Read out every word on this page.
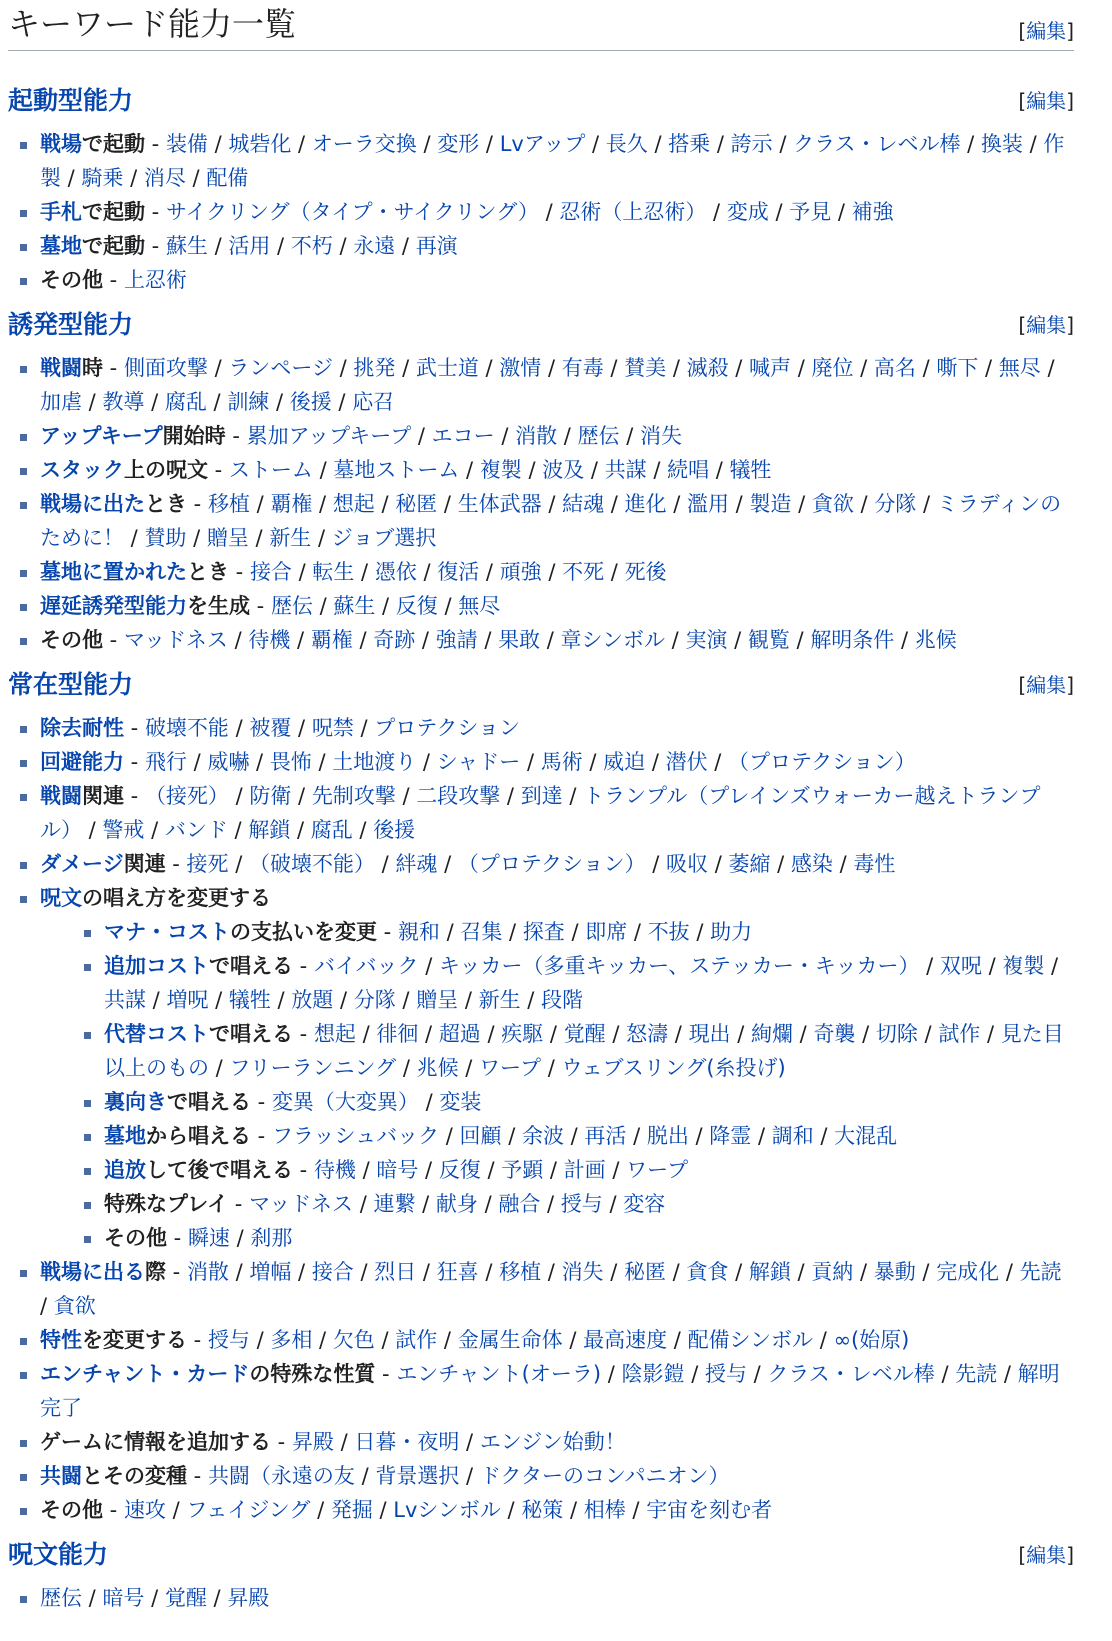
キーワード能力一覧	[編集]
起動型能力	[編集]
戦場で起動 - 装備 / 城砦化 / オーラ交換 / 変形 / Lvアップ / 長久 / 搭乗 / 誇示 / クラス・レベル棒 / 換装 / 作製 / 騎乗 / 消尽 / 配備
手札で起動 - サイクリング（タイプ・サイクリング） / 忍術（上忍術） / 変成 / 予見 / 補強
墓地で起動 - 蘇生 / 活用 / 不朽 / 永遠 / 再演
その他 - 上忍術
誘発型能力	[編集]
戦闘時 - 側面攻撃 / ランページ / 挑発 / 武士道 / 激情 / 有毒 / 賛美 / 滅殺 / 喊声 / 廃位 / 高名 / 嘶下 / 無尽 / 加虐 / 教導 / 腐乱 / 訓練 / 後援 / 応召
アップキープ開始時 - 累加アップキープ / エコー / 消散 / 歴伝 / 消失
スタック上の呪文 - ストーム / 墓地ストーム / 複製 / 波及 / 共謀 / 続唱 / 犠牲
戦場に出たとき - 移植 / 覇権 / 想起 / 秘匿 / 生体武器 / 結魂 / 進化 / 濫用 / 製造 / 貪欲 / 分隊 / ミラディンのために！ / 賛助 / 贈呈 / 新生 / ジョブ選択
墓地に置かれたとき - 接合 / 転生 / 憑依 / 復活 / 頑強 / 不死 / 死後
遅延誘発型能力を生成 - 歴伝 / 蘇生 / 反復 / 無尽
その他 - マッドネス / 待機 / 覇権 / 奇跡 / 強請 / 果敢 / 章シンボル / 実演 / 観覧 / 解明条件 / 兆候
常在型能力	[編集]
除去耐性 - 破壊不能 / 被覆 / 呪禁 / プロテクション
回避能力 - 飛行 / 威嚇 / 畏怖 / 土地渡り / シャドー / 馬術 / 威迫 / 潜伏 / （プロテクション）
戦闘関連 - （接死） / 防衛 / 先制攻撃 / 二段攻撃 / 到達 / トランプル（プレインズウォーカー越えトランプル） / 警戒 / バンド / 解鎖 / 腐乱 / 後援
ダメージ関連 - 接死 / （破壊不能） / 絆魂 / （プロテクション） / 吸収 / 萎縮 / 感染 / 毒性
呪文の唱え方を変更する
マナ・コストの支払いを変更 - 親和 / 召集 / 探査 / 即席 / 不抜 / 助力
追加コストで唱える - バイバック / キッカー（多重キッカー、ステッカー・キッカー） / 双呪 / 複製 / 共謀 / 増呪 / 犠牲 / 放題 / 分隊 / 贈呈 / 新生 / 段階
代替コストで唱える - 想起 / 徘徊 / 超過 / 疾駆 / 覚醒 / 怒濤 / 現出 / 絢爛 / 奇襲 / 切除 / 試作 / 見た目以上のもの / フリーランニング / 兆候 / ワープ / ウェブスリング(糸投げ)
裏向きで唱える - 変異（大変異） / 変装
墓地から唱える - フラッシュバック / 回顧 / 余波 / 再活 / 脱出 / 降霊 / 調和 / 大混乱
追放して後で唱える - 待機 / 暗号 / 反復 / 予顕 / 計画 / ワープ
特殊なプレイ - マッドネス / 連繋 / 献身 / 融合 / 授与 / 変容
その他 - 瞬速 / 刹那
戦場に出る際 - 消散 / 増幅 / 接合 / 烈日 / 狂喜 / 移植 / 消失 / 秘匿 / 貪食 / 解鎖 / 貢納 / 暴動 / 完成化 / 先読 / 貪欲
特性を変更する - 授与 / 多相 / 欠色 / 試作 / 金属生命体 / 最高速度 / 配備シンボル / ∞(始原)
エンチャント・カードの特殊な性質 - エンチャント(オーラ) / 陰影鎧 / 授与 / クラス・レベル棒 / 先読 / 解明完了
ゲームに情報を追加する - 昇殿 / 日暮・夜明 / エンジン始動！
共闘とその変種 - 共闘（永遠の友 / 背景選択 / ドクターのコンパニオン）
その他 - 速攻 / フェイジング / 発掘 / Lvシンボル / 秘策 / 相棒 / 宇宙を刻む者
呪文能力	[編集]
歴伝 / 暗号 / 覚醒 / 昇殿
